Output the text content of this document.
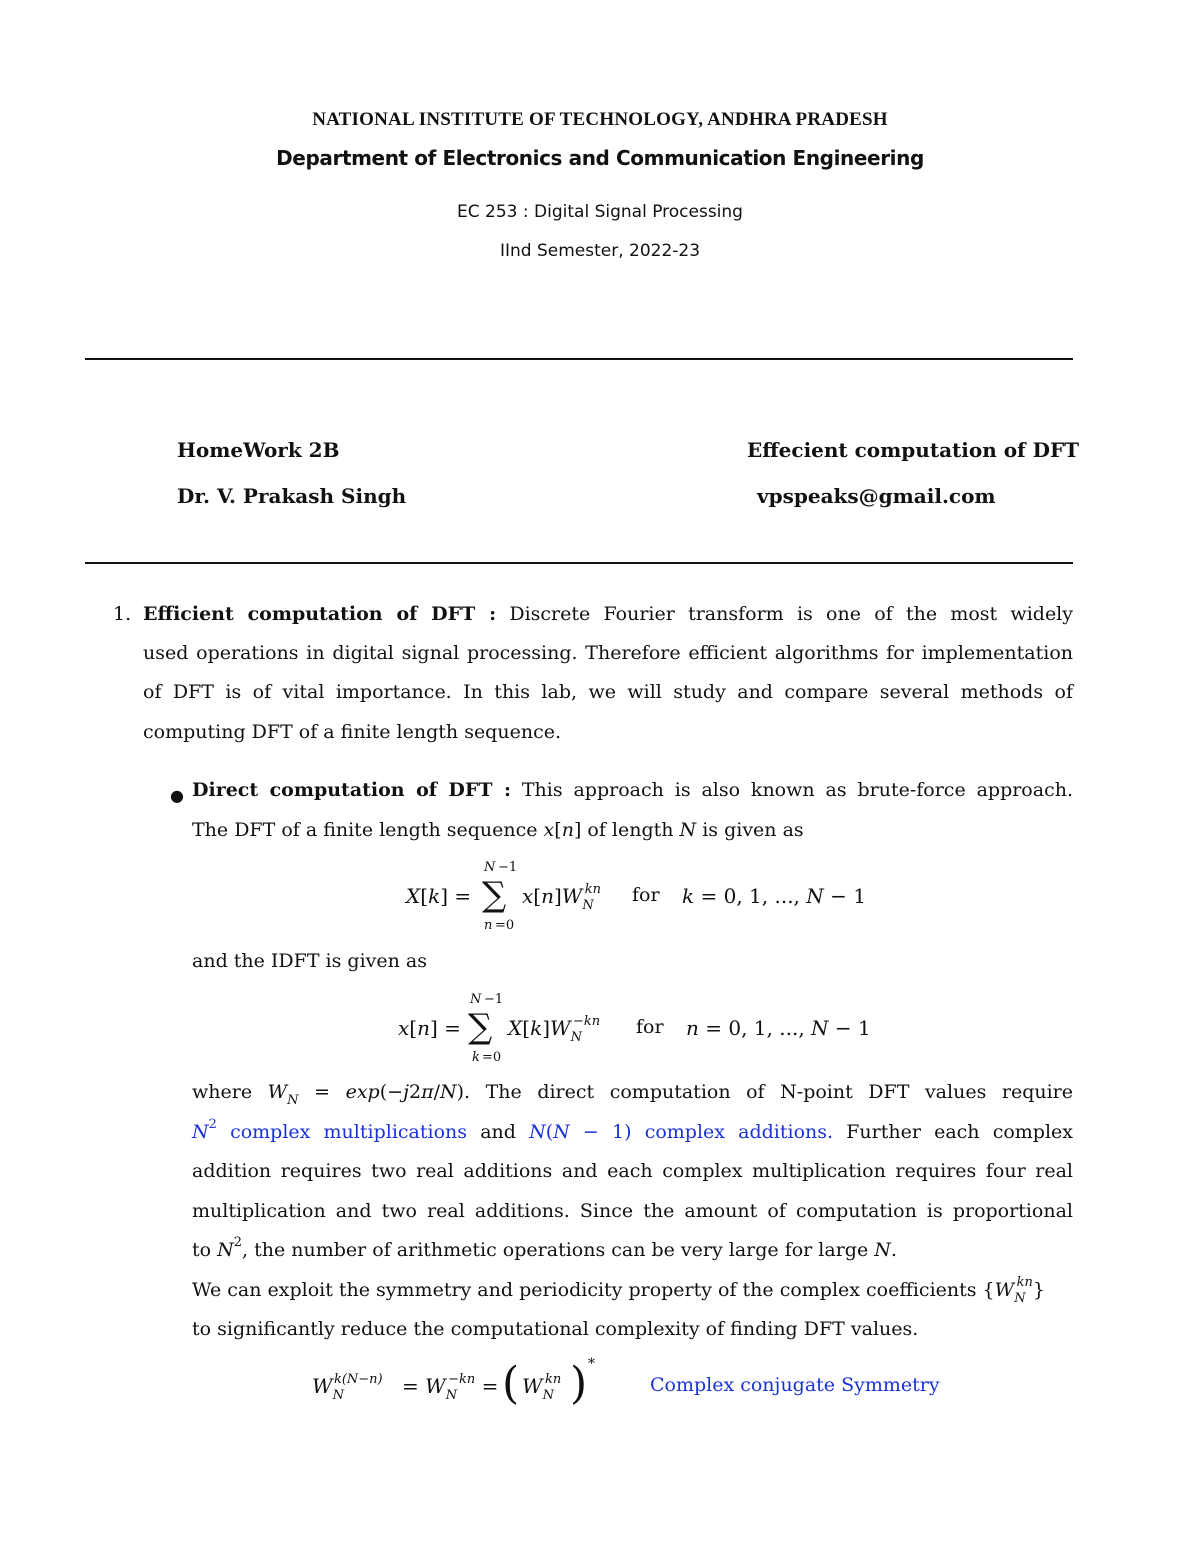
NATIONAL INSTITUTE OF TECHNOLOGY, ANDHRA PRADESH
Department of Electronics and Communication Engineering
EC 253 : Digital Signal Processing
IInd Semester, 2022-23
HomeWork 2B	Effecient computation of DFT
Dr. V. Prakash Singh	vpspeaks@gmail.com
1. Efficient computation of DFT : Discrete Fourier transform is one of the most widely
used operations in digital signal processing. Therefore efficient algorithms for implementation
of DFT is of vital importance. In this lab, we will study and compare several methods of
computing DFT of a finite length sequence.
● Direct computation of DFT : This approach is also known as brute-force approach.
The DFT of a finite length sequence x[n] of length N is given as
N −1
X[k] = ∑
n =0
$x[n]W_N^{kn}$ for k = 0, 1, ..., N − 1
and the IDFT is given as
N −1
x[n] = ∑
k =0
$X[k]W_N^{-kn}$ for n = 0, 1, ..., N − 1
where $W_N = \exp(-j2\pi/N)$. The direct computation of N-point DFT values require
$N^2$ complex multiplications and N(N − 1) complex additions. Further each complex
addition requires two real additions and each complex multiplication requires four real
multiplication and two real additions. Since the amount of computation is proportional
to $N^2$, the number of arithmetic operations can be very large for large N.
We can exploit the symmetry and periodicity property of the complex coefficients $\{W_N^{kn}\}$
to significantly reduce the computational complexity of finding DFT values.
$W_N^{k(N-n)} = W_N^{-kn}$ = ( $W_N^{kn}$ ) *
Complex conjugate Symmetry
